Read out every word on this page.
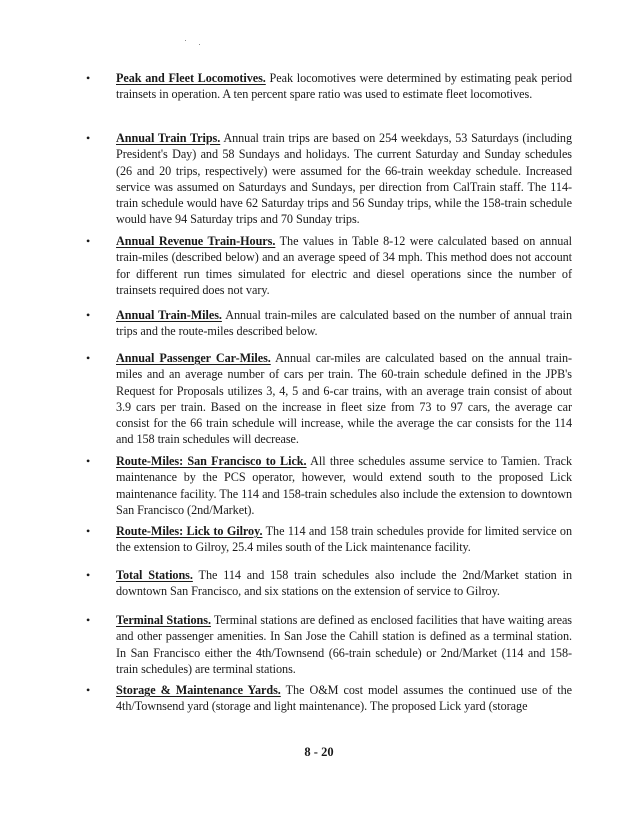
• Peak and Fleet Locomotives. Peak locomotives were determined by estimating peak period trainsets in operation. A ten percent spare ratio was used to estimate fleet locomotives.
• Annual Train Trips. Annual train trips are based on 254 weekdays, 53 Saturdays (including President's Day) and 58 Sundays and holidays. The current Saturday and Sunday schedules (26 and 20 trips, respectively) were assumed for the 66-train weekday schedule. Increased service was assumed on Saturdays and Sundays, per direction from CalTrain staff. The 114-train schedule would have 62 Saturday trips and 56 Sunday trips, while the 158-train schedule would have 94 Saturday trips and 70 Sunday trips.
• Annual Revenue Train-Hours. The values in Table 8-12 were calculated based on annual train-miles (described below) and an average speed of 34 mph. This method does not account for different run times simulated for electric and diesel operations since the number of trainsets required does not vary.
• Annual Train-Miles. Annual train-miles are calculated based on the number of annual train trips and the route-miles described below.
• Annual Passenger Car-Miles. Annual car-miles are calculated based on the annual train-miles and an average number of cars per train. The 60-train schedule defined in the JPB's Request for Proposals utilizes 3, 4, 5 and 6-car trains, with an average train consist of about 3.9 cars per train. Based on the increase in fleet size from 73 to 97 cars, the average car consist for the 66 train schedule will increase, while the average the car consists for the 114 and 158 train schedules will decrease.
• Route-Miles: San Francisco to Lick. All three schedules assume service to Tamien. Track maintenance by the PCS operator, however, would extend south to the proposed Lick maintenance facility. The 114 and 158-train schedules also include the extension to downtown San Francisco (2nd/Market).
• Route-Miles: Lick to Gilroy. The 114 and 158 train schedules provide for limited service on the extension to Gilroy, 25.4 miles south of the Lick maintenance facility.
• Total Stations. The 114 and 158 train schedules also include the 2nd/Market station in downtown San Francisco, and six stations on the extension of service to Gilroy.
• Terminal Stations. Terminal stations are defined as enclosed facilities that have waiting areas and other passenger amenities. In San Jose the Cahill station is defined as a terminal station. In San Francisco either the 4th/Townsend (66-train schedule) or 2nd/Market (114 and 158-train schedules) are terminal stations.
• Storage & Maintenance Yards. The O&M cost model assumes the continued use of the 4th/Townsend yard (storage and light maintenance). The proposed Lick yard (storage
8 - 20
